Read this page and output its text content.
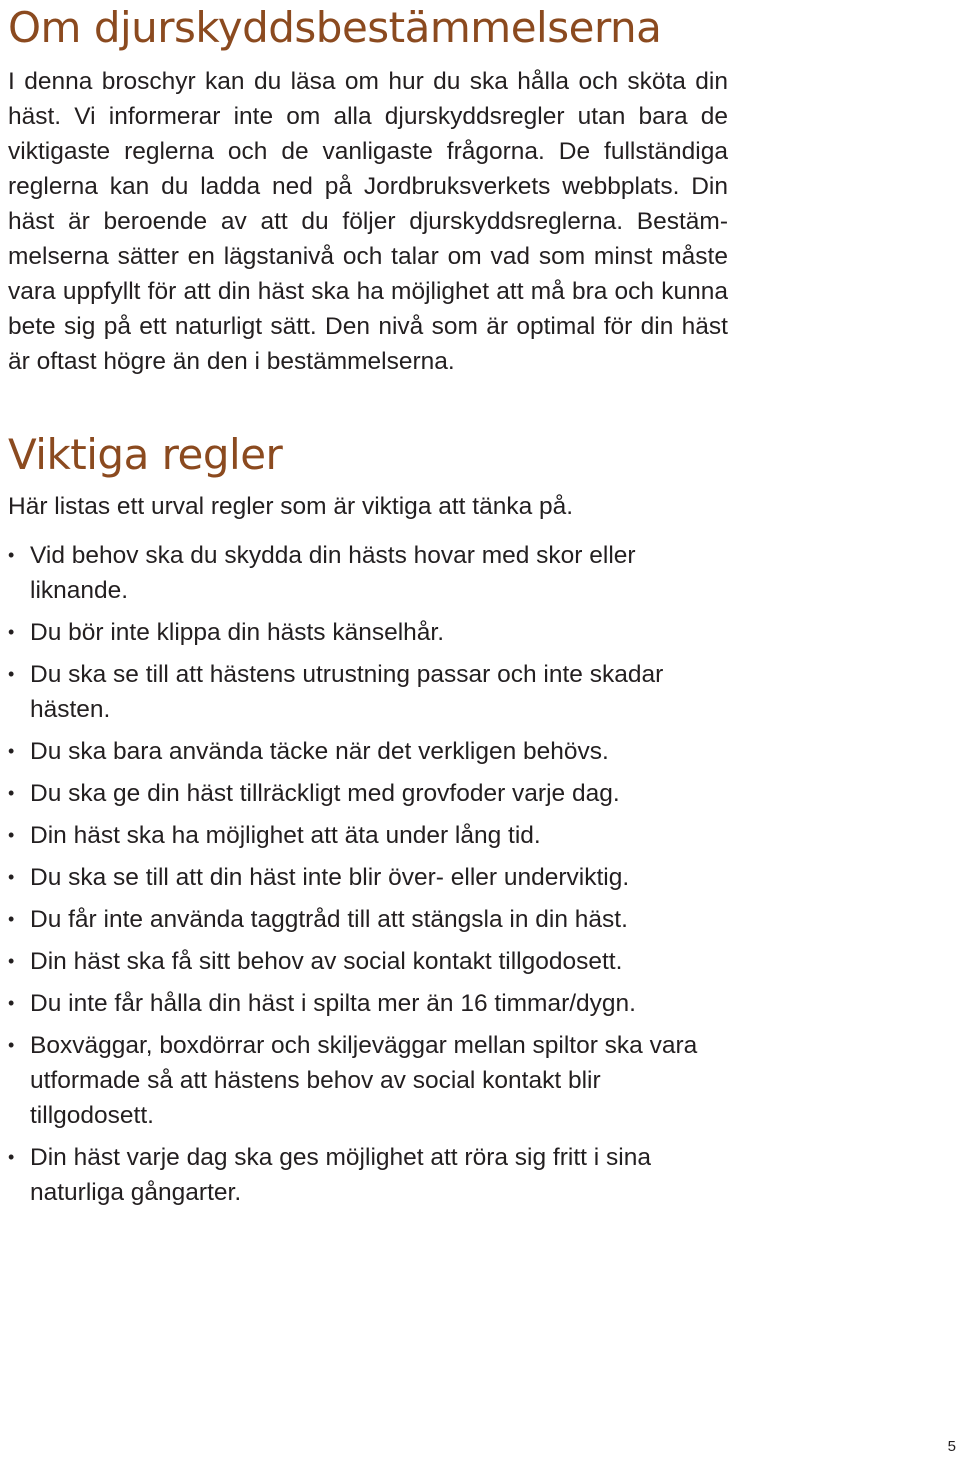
Om djurskyddsbestämmelserna

I denna broschyr kan du läsa om hur du ska hålla och sköta din häst. Vi informerar inte om alla djurskyddsregler utan bara de viktigaste reglerna och de vanligaste frågorna. De fullständiga reglerna kan du ladda ned på Jordbruksverkets webbplats. Din häst är beroende av att du följer djurskyddsreglerna. Bestämmelserna sätter en lägstanivå och talar om vad som minst måste vara uppfyllt för att din häst ska ha möjlighet att må bra och kunna bete sig på ett naturligt sätt. Den nivå som är optimal för din häst är oftast högre än den i bestämmelserna.

Viktiga regler

Här listas ett urval regler som är viktiga att tänka på.

• Vid behov ska du skydda din hästs hovar med skor eller liknande.
• Du bör inte klippa din hästs känselhår.
• Du ska se till att hästens utrustning passar och inte skadar hästen.
• Du ska bara använda täcke när det verkligen behövs.
• Du ska ge din häst tillräckligt med grovfoder varje dag.
• Din häst ska ha möjlighet att äta under lång tid.
• Du ska se till att din häst inte blir över- eller underviktig.
• Du får inte använda taggtråd till att stängsla in din häst.
• Din häst ska få sitt behov av social kontakt tillgodosett.
• Du inte får hålla din häst i spilta mer än 16 timmar/dygn.
• Boxväggar, boxdörrar och skiljeväggar mellan spiltor ska vara utformade så att hästens behov av social kontakt blir tillgodosett.
• Din häst varje dag ska ges möjlighet att röra sig fritt i sina naturliga gångarter.
5
